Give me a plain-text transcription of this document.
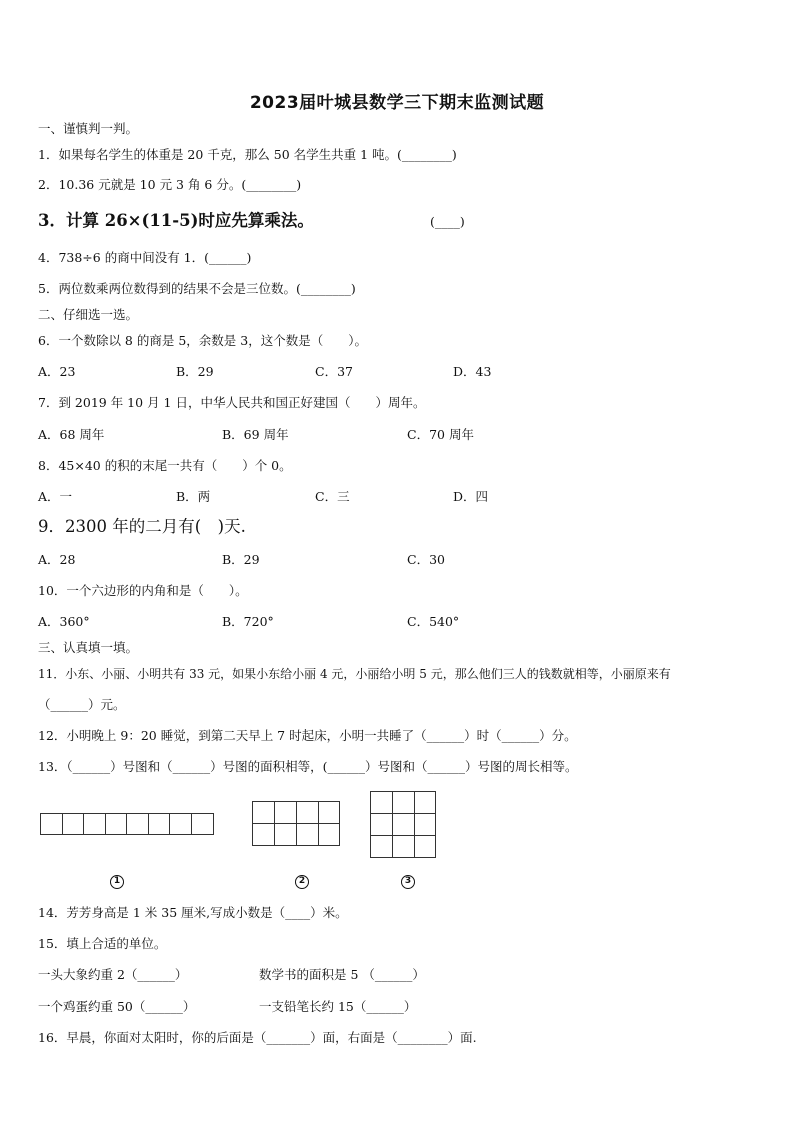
2023届叶城县数学三下期末监测试题
一、谨慎判一判。
1．如果每名学生的体重是 20 千克，那么 50 名学生共重 1 吨。(________)
2．10.36 元就是 10 元 3 角 6 分。(________)
3．计算 26×(11-5)时应先算乘法。	(____)
4．738÷6 的商中间没有 1．(______)
5．两位数乘两位数得到的结果不会是三位数。(________)
二、仔细选一选。
6．一个数除以 8 的商是 5，余数是 3，这个数是（　　）。
A．23	B．29	C．37	D．43
7．到 2019 年 10 月 1 日，中华人民共和国正好建国（　　）周年。
A．68 周年	B．69 周年	C．70 周年
8．45×40 的积的末尾一共有（　　）个 0。
A．一	B．两	C．三	D．四
9．2300 年的二月有(　)天.
A．28	B．29	C．30
10．一个六边形的内角和是（　　）。
A．360°	B．720°	C．540°
三、认真填一填。
11．小东、小丽、小明共有 33 元，如果小东给小丽 4 元，小丽给小明 5 元，那么他们三人的钱数就相等，小丽原来有
（______）元。
12．小明晚上 9：20 睡觉，到第二天早上 7 时起床，小明一共睡了（______）时（______）分。
13．（______）号图和（______）号图的面积相等，(______）号图和（______）号图的周长相等。
1	2	3
14．芳芳身高是 1 米 35 厘米,写成小数是（____）米。
15．填上合适的单位。
一头大象约重 2（______）	数学书的面积是 5 （______）
一个鸡蛋约重 50（______）	一支铅笔长约 15（______）
16．早晨，你面对太阳时，你的后面是（_______）面，右面是（________）面.
